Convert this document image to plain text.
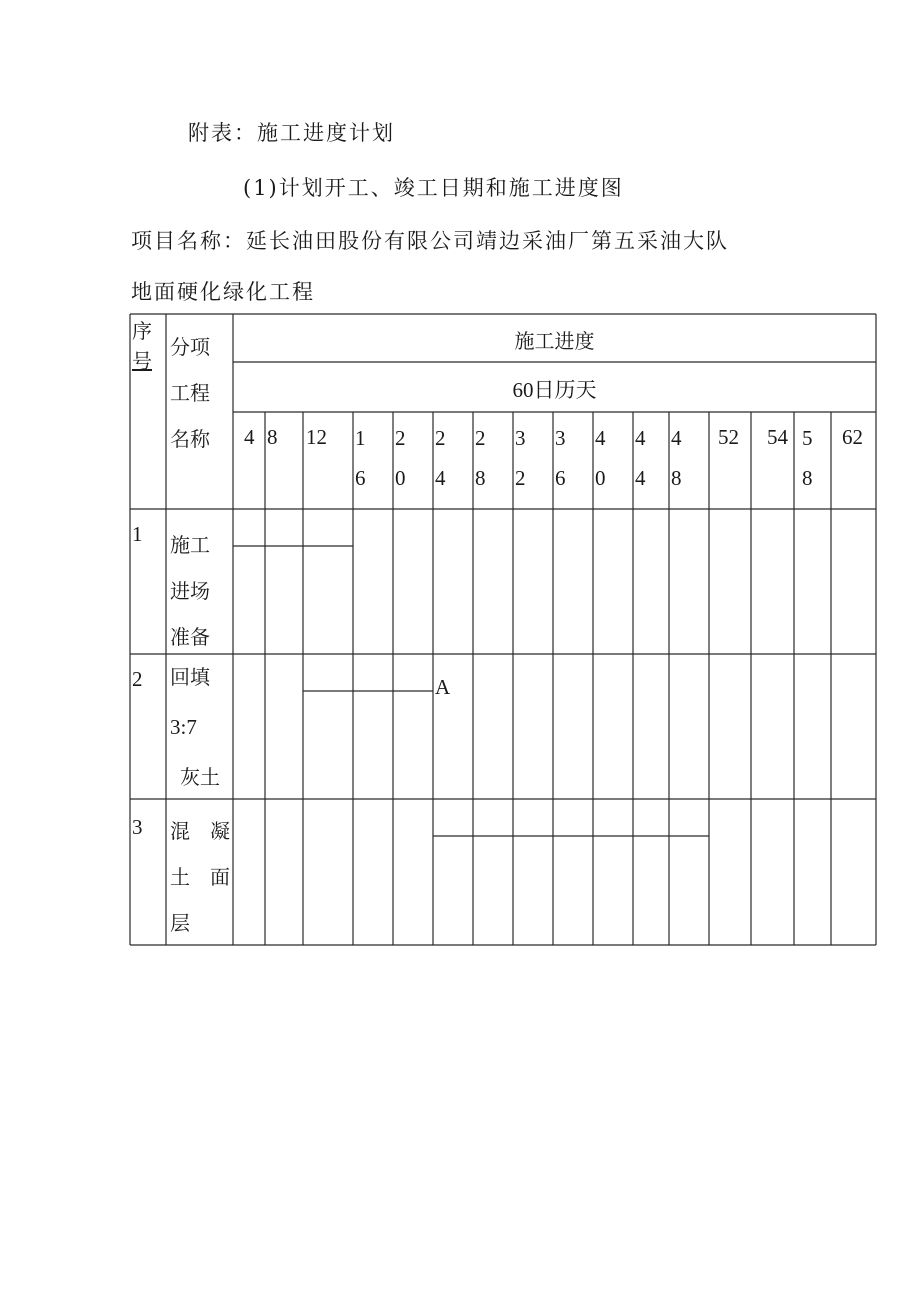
附表：施工进度计划
(1)计划开工、竣工日期和施工进度图
项目名称：延长油田股份有限公司靖边采油厂第五采油大队
地面硬化绿化工程
序
号
分项
工程
名称
施工进度
60日历天
4 8 12 1
6
2
0
2
4
2
8
3
2
3
6
4
0
4
4
4
8
52 54 5
8
62
1 施工
进场
准备
2 回填
3:7
灰土
A
3 混　凝
土　面
层
